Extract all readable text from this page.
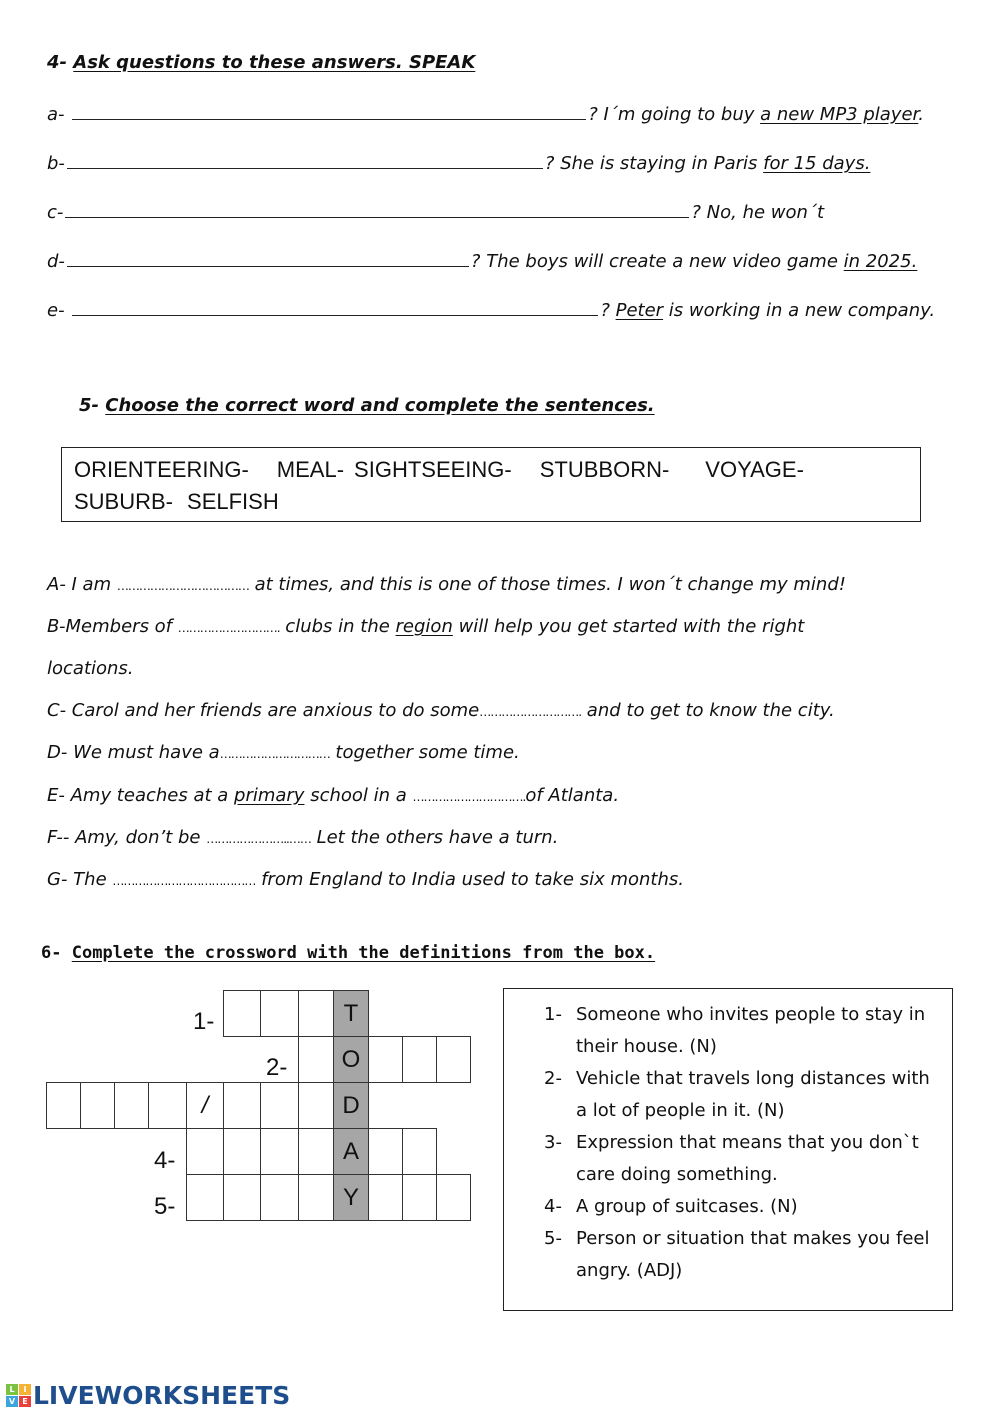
4- Ask questions to these answers. SPEAK
a-	? I´m going to buy a new MP3 player.
b-	? She is staying in Paris for 15 days.
c-	? No, he won´t
d-	? The boys will create a new video game in 2025.
e-	? Peter is working in a new company.
5- Choose the correct word and complete the sentences.
ORIENTEERING- MEAL- SIGHTSEEING- STUBBORN- VOYAGE-
SUBURB- SELFISH
A- I am ……………………………… at times, and this is one of those times. I won´t change my mind!
B-Members of ………………………. clubs in the region will help you get started with the right
locations.
C- Carol and her friends are anxious to do some………………………. and to get to know the city.
D- We must have a………………………… together some time.
E- Amy teaches at a primary school in a ………………………….of Atlanta.
F-- Amy, don’t be …………………..…… Let the others have a turn.
G- The ………………………………… from England to India used to take six months.
6- Complete the crossword with the definitions from the box.
1-
2-
4-
5-
T
O
/	D
A
Y
1- Someone who invites people to stay in their house. (N)
2- Vehicle that travels long distances with a lot of people in it. (N)
3- Expression that means that you don`t care doing something.
4- A group of suitcases. (N)
5- Person or situation that makes you feel angry. (ADJ)
L	I
V E LIVEWORKSHEETS
